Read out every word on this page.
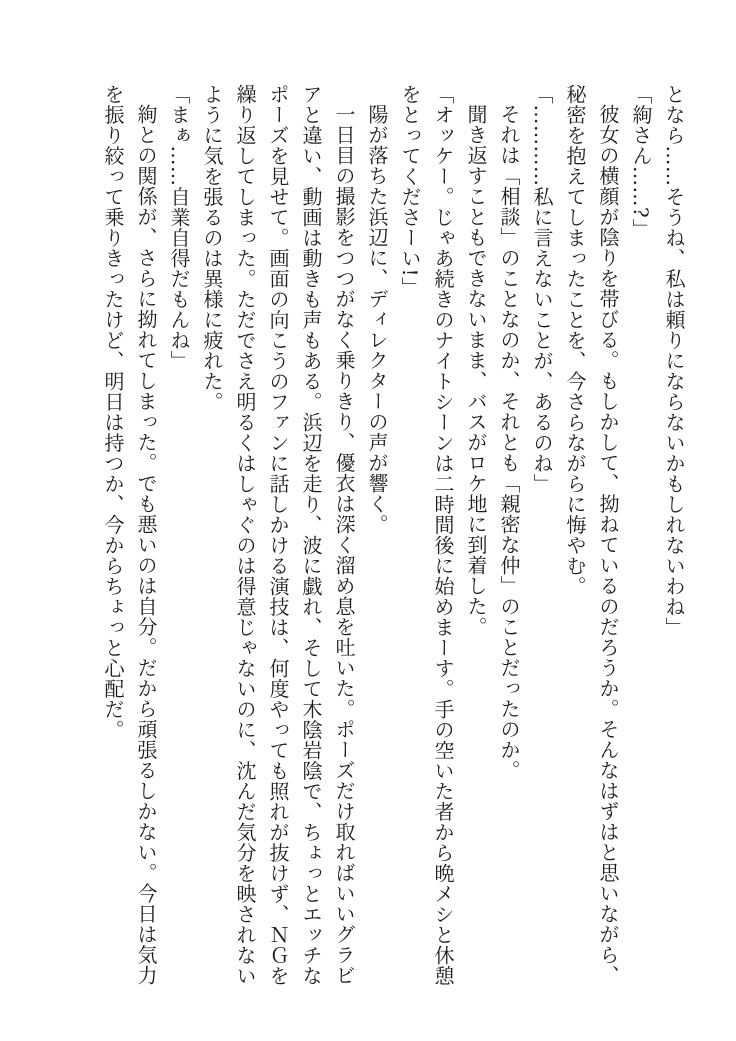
となら……そうね、私は頼りにならないかもしれないわね」
「絢さん……?」
彼女の横顔が陰りを帯びる。もしかして、拗ねているのだろうか。そんなはずはと思いながら、
秘密を抱えてしまったことを、今さらながらに悔やむ。
「…………私に言えないことが、あるのね」
それは「相談」のことなのか、それとも「親密な仲」のことだったのか。
聞き返すこともできないまま、バスがロケ地に到着した。
「オッケー。じゃあ続きのナイトシーンは二時間後に始めまーす。手の空いた者から晩メシと休憩
をとってくださーい!」
陽が落ちた浜辺に、ディレクターの声が響く。
一日目の撮影をつつがなく乗りきり、優衣は深く溜め息を吐いた。ポーズだけ取ればいいグラビ
アと違い、動画は動きも声もある。浜辺を走り、波に戯れ、そして木陰岩陰で、ちょっとエッチな
ポーズを見せて。画面の向こうのファンに話しかける演技は、何度やっても照れが抜けず、ＮＧを
繰り返してしまった。ただでさえ明るくはしゃぐのは得意じゃないのに、沈んだ気分を映されない
ように気を張るのは異様に疲れた。
「まぁ……自業自得だもんね」
絢との関係が、さらに拗れてしまった。でも悪いのは自分。だから頑張るしかない。今日は気力
を振り絞って乗りきったけど、明日は持つか、今からちょっと心配だ。
